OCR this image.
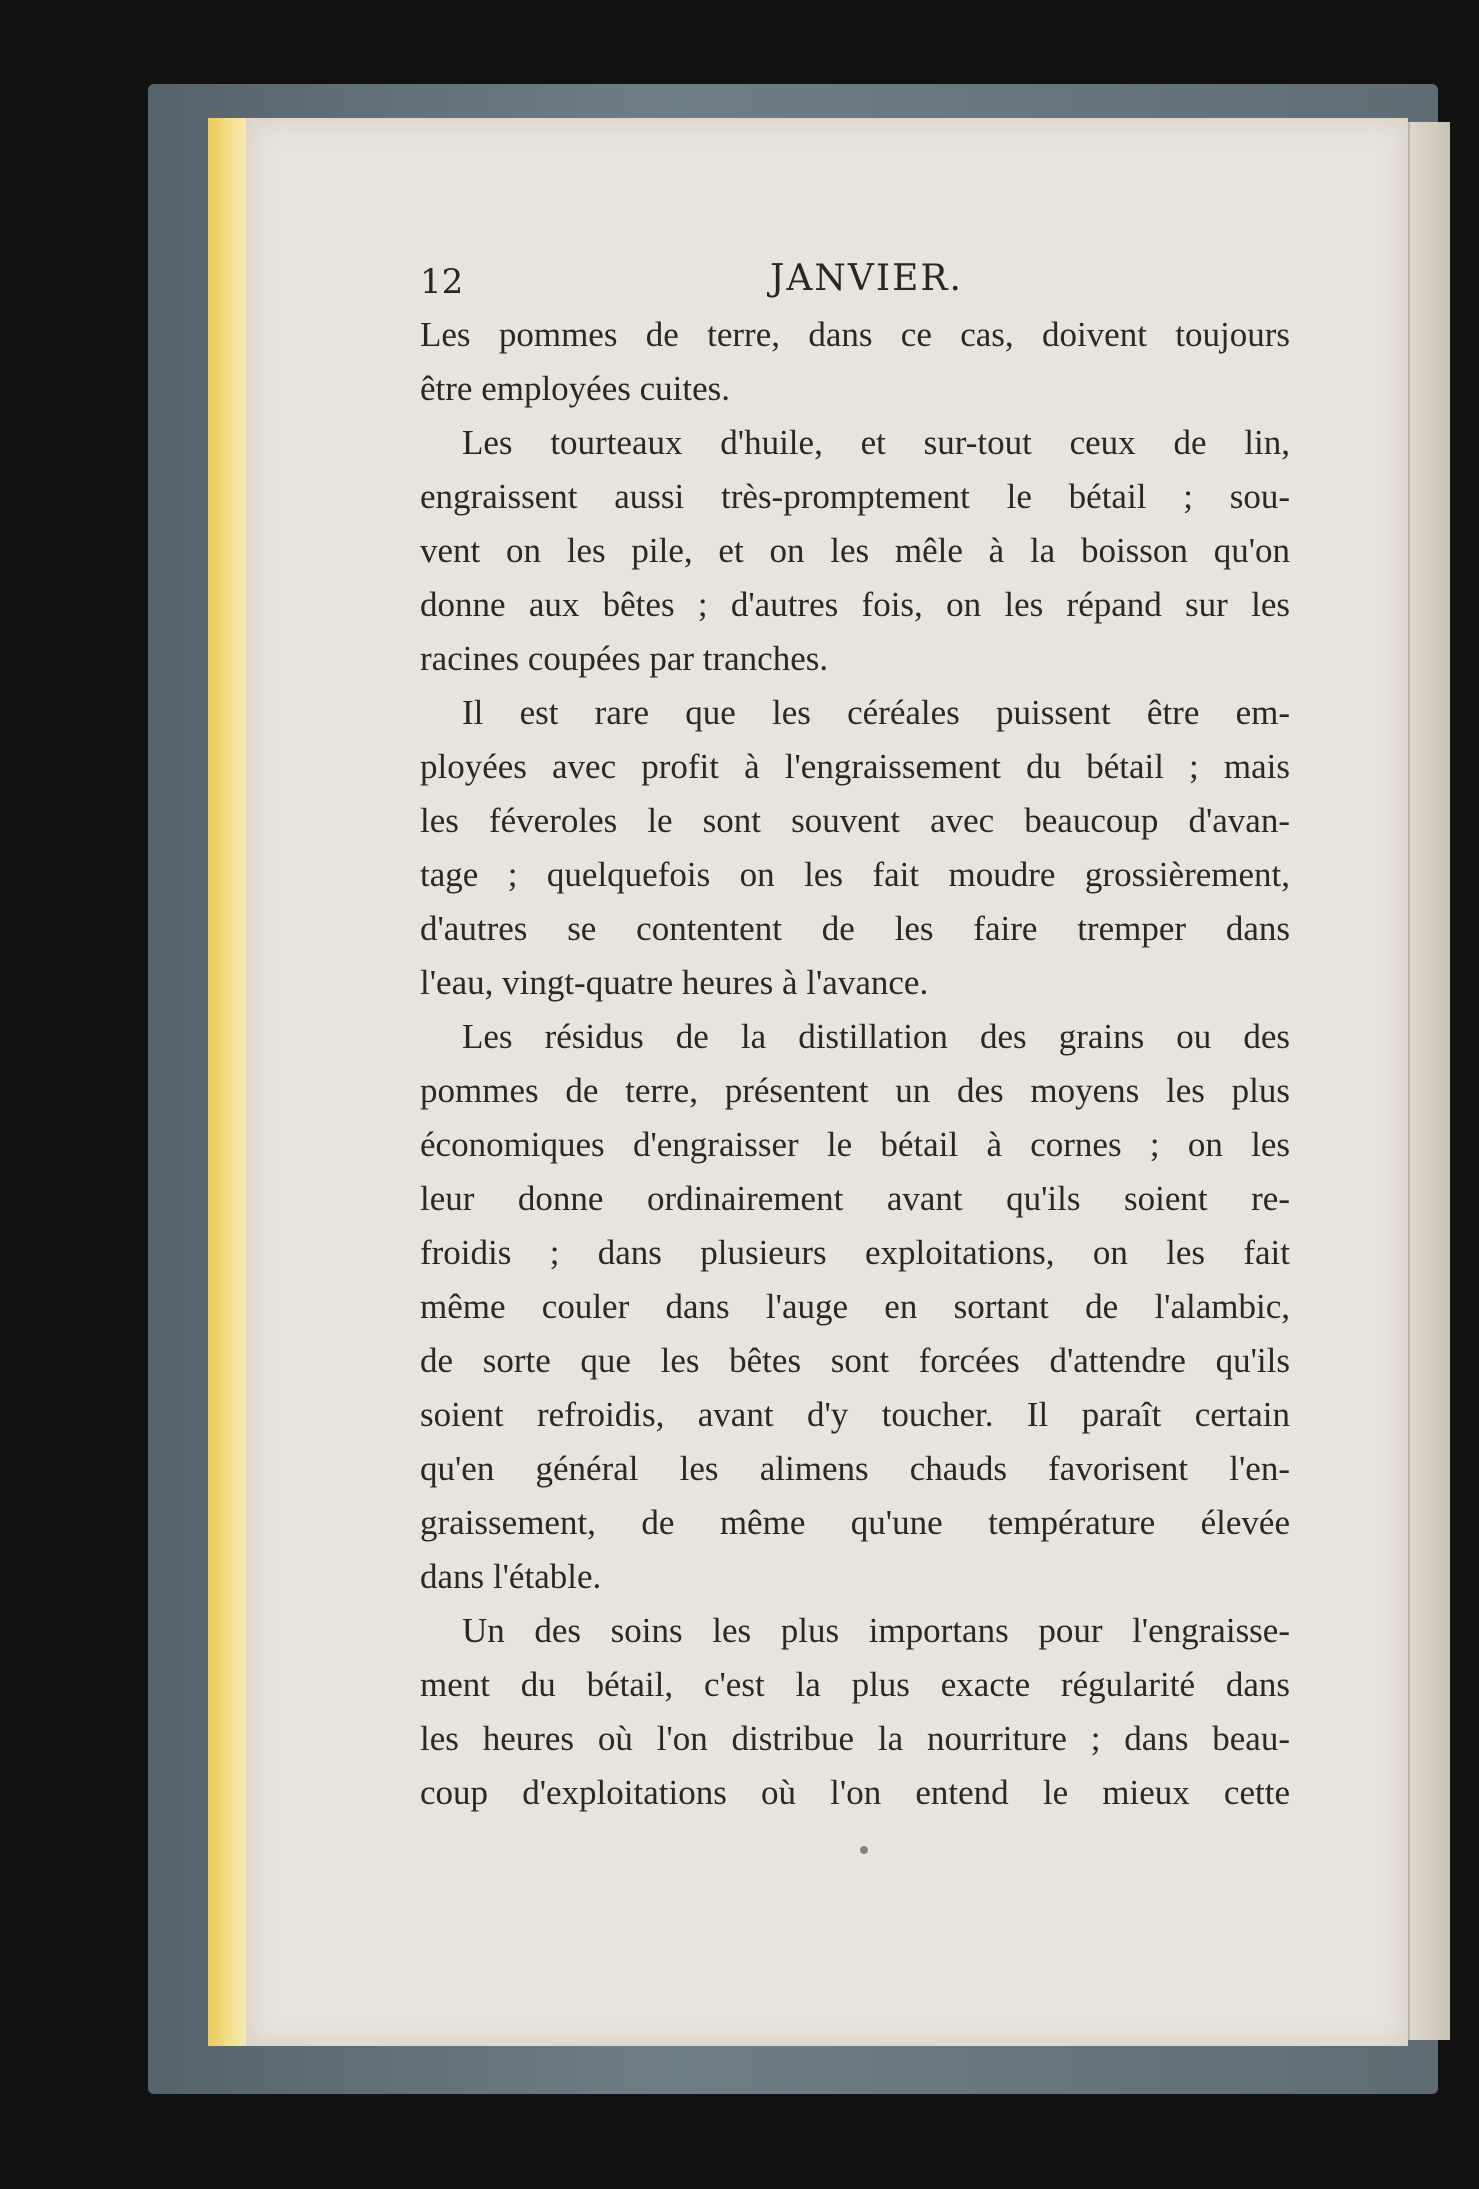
12	JANVIER.
Les pommes de terre, dans ce cas, doivent toujours
être employées cuites.
Les tourteaux d'huile, et sur-tout ceux de lin,
engraissent aussi très-promptement le bétail ; sou-
vent on les pile, et on les mêle à la boisson qu'on
donne aux bêtes ; d'autres fois, on les répand sur les
racines coupées par tranches.
Il est rare que les céréales puissent être em-
ployées avec profit à l'engraissement du bétail ; mais
les féveroles le sont souvent avec beaucoup d'avan-
tage ; quelquefois on les fait moudre grossièrement,
d'autres se contentent de les faire tremper dans
l'eau, vingt-quatre heures à l'avance.
Les résidus de la distillation des grains ou des
pommes de terre, présentent un des moyens les plus
économiques d'engraisser le bétail à cornes ; on les
leur donne ordinairement avant qu'ils soient re-
froidis ; dans plusieurs exploitations, on les fait
même couler dans l'auge en sortant de l'alambic,
de sorte que les bêtes sont forcées d'attendre qu'ils
soient refroidis, avant d'y toucher. Il paraît certain
qu'en général les alimens chauds favorisent l'en-
graissement, de même qu'une température élevée
dans l'étable.
Un des soins les plus importans pour l'engraisse-
ment du bétail, c'est la plus exacte régularité dans
les heures où l'on distribue la nourriture ; dans beau-
coup d'exploitations où l'on entend le mieux cette
